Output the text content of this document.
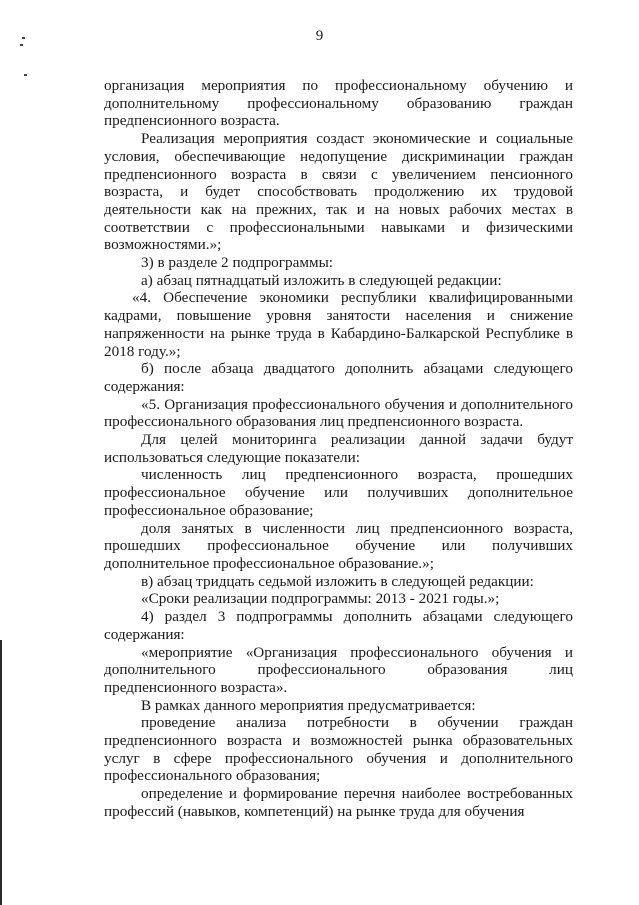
9

организация мероприятия по профессиональному обучению и дополнительному профессиональному образованию граждан предпенсионного возраста.

Реализация мероприятия создаст экономические и социальные условия, обеспечивающие недопущение дискриминации граждан предпенсионного возраста в связи с увеличением пенсионного возраста, и будет способствовать продолжению их трудовой деятельности как на прежних, так и на новых рабочих местах в соответствии с профессиональными навыками и физическими возможностями.»;

3) в разделе 2 подпрограммы:

а) абзац пятнадцатый изложить в следующей редакции:

«4. Обеспечение экономики республики квалифицированными кадрами, повышение уровня занятости населения и снижение напряженности на рынке труда в Кабардино-Балкарской Республике в 2018 году.»;

б) после абзаца двадцатого дополнить абзацами следующего содержания:

«5. Организация профессионального обучения и дополнительного профессионального образования лиц предпенсионного возраста.

Для целей мониторинга реализации данной задачи будут использоваться следующие показатели:

численность лиц предпенсионного возраста, прошедших профессиональное обучение или получивших дополнительное профессиональное образование;

доля занятых в численности лиц предпенсионного возраста, прошедших профессиональное обучение или получивших дополнительное профессиональное образование.»;

в) абзац тридцать седьмой изложить в следующей редакции:

«Сроки реализации подпрограммы: 2013 - 2021 годы.»;

4) раздел 3 подпрограммы дополнить абзацами следующего содержания:

«мероприятие «Организация профессионального обучения и дополнительного профессионального образования лиц предпенсионного возраста».

В рамках данного мероприятия предусматривается:

проведение анализа потребности в обучении граждан предпенсионного возраста и возможностей рынка образовательных услуг в сфере профессионального обучения и дополнительного профессионального образования;

определение и формирование перечня наиболее востребованных профессий (навыков, компетенций) на рынке труда для обучения
